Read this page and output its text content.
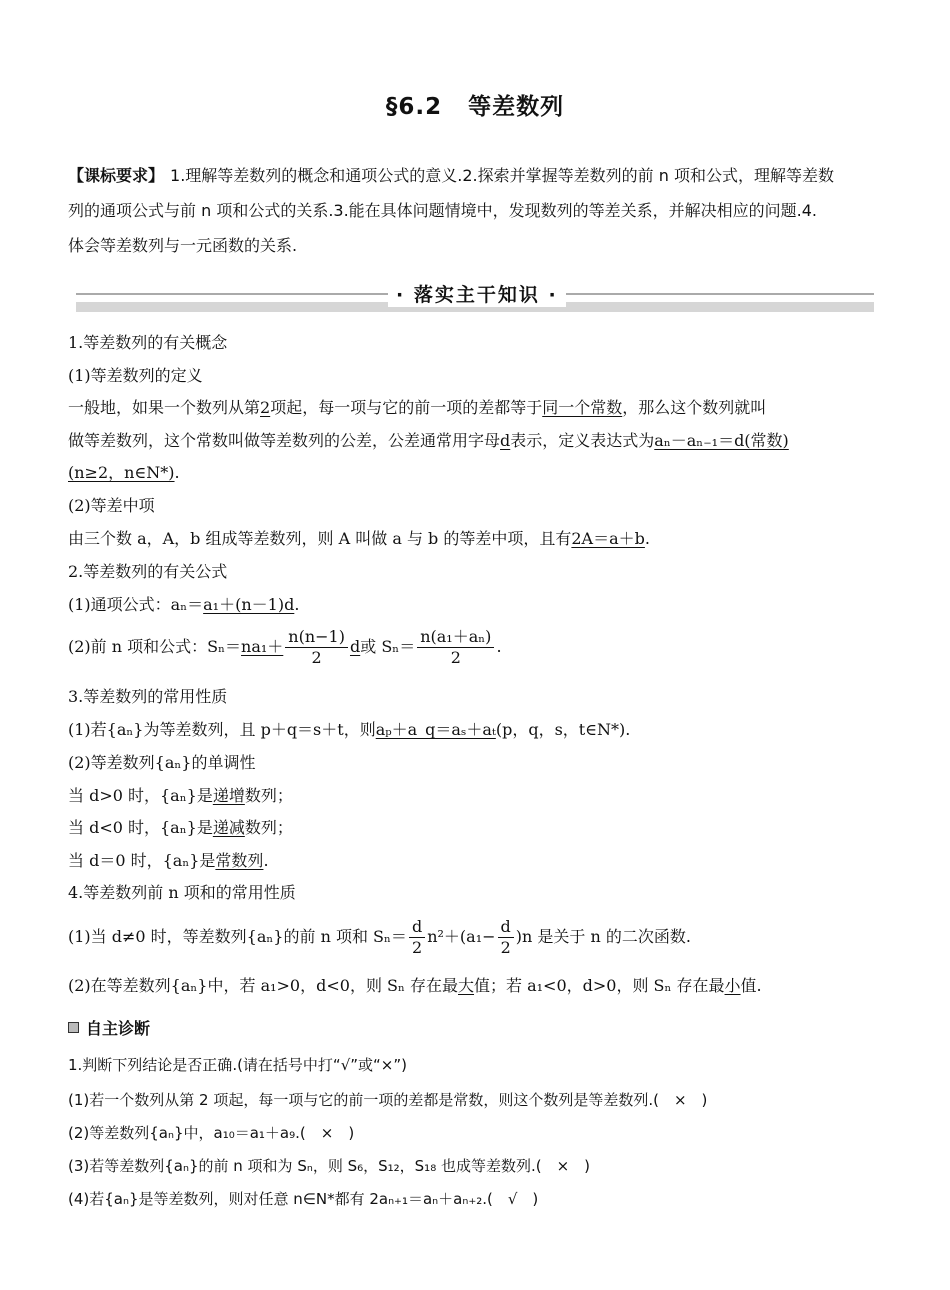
§6.2 等差数列
【课标要求】 1.理解等差数列的概念和通项公式的意义.2.探索并掌握等差数列的前 n 项和公式，理解等差数
列的通项公式与前 n 项和公式的关系.3.能在具体问题情境中，发现数列的等差关系，并解决相应的问题.4.
体会等差数列与一元函数的关系.
· 落实主干知识 ·
1.等差数列的有关概念
(1)等差数列的定义
一般地，如果一个数列从第2项起，每一项与它的前一项的差都等于同一个常数，那么这个数列就叫
做等差数列，这个常数叫做等差数列的公差，公差通常用字母d表示，定义表达式为aₙ－aₙ₋₁＝d(常数)
(n≥2，n∈N*).
(2)等差中项
由三个数 a，A，b 组成等差数列，则 A 叫做 a 与 b 的等差中项，且有2A＝a＋b.
2.等差数列的有关公式
(1)通项公式：aₙ＝a₁＋(n－1)d.
(2)前 n 项和公式：$S_n=na_1+ \frac{n(n-1)}{2}$ d或 $S_n= \frac{\text{n(a₁＋aₙ)}}{2}$ .
3.等差数列的常用性质
(1)若{aₙ}为等差数列，且 p＋q＝s＋t，则aₚ＋a_q＝aₛ＋aₜ(p，q，s，t∈N*).
(2)等差数列{aₙ}的单调性
当 d>0 时，{aₙ}是递增数列；
当 d<0 时，{aₙ}是递减数列；
当 d＝0 时，{aₙ}是常数列.
4.等差数列前 n 项和的常用性质
(1)当 d≠0 时，等差数列{aₙ}的前 n 项和 $S_n= \frac{d}{2} n^2+(a_1- \frac{d}{2} )n$ 是关于 n 的二次函数.
(2)在等差数列{aₙ}中，若 a₁>0，d<0，则 Sₙ 存在最大值；若 a₁<0，d>0，则 Sₙ 存在最小值.
自主诊断
1.判断下列结论是否正确.(请在括号中打“√”或“×”)
(1)若一个数列从第 2 项起，每一项与它的前一项的差都是常数，则这个数列是等差数列.(　×　)
(2)等差数列{aₙ}中，a₁₀＝a₁＋a₉.(　×　)
(3)若等差数列{aₙ}的前 n 项和为 Sₙ，则 S₆，S₁₂，S₁₈ 也成等差数列.(　×　)
(4)若{aₙ}是等差数列，则对任意 n∈N*都有 2aₙ₊₁＝aₙ＋aₙ₊₂.(　√　)
